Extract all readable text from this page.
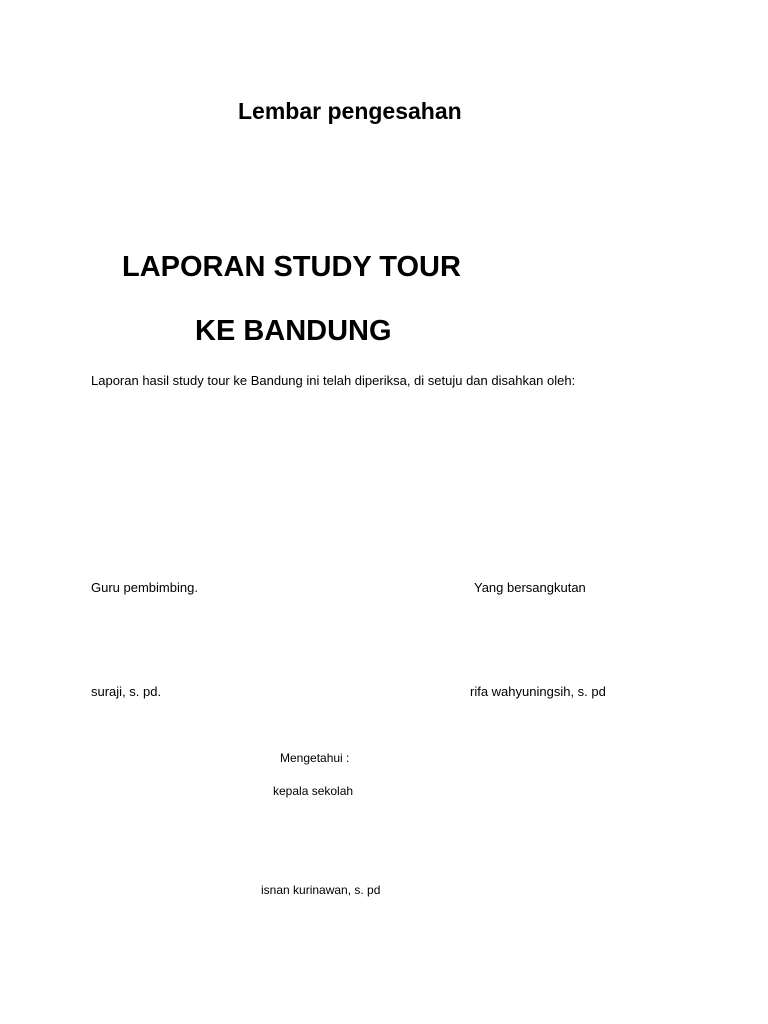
Lembar pengesahan
LAPORAN STUDY TOUR
KE BANDUNG
Laporan hasil study tour ke Bandung ini telah diperiksa, di setuju dan disahkan oleh:
Guru pembimbing.	Yang bersangkutan
suraji, s. pd.	rifa wahyuningsih, s. pd
Mengetahui :
kepala sekolah
isnan kurinawan, s. pd
